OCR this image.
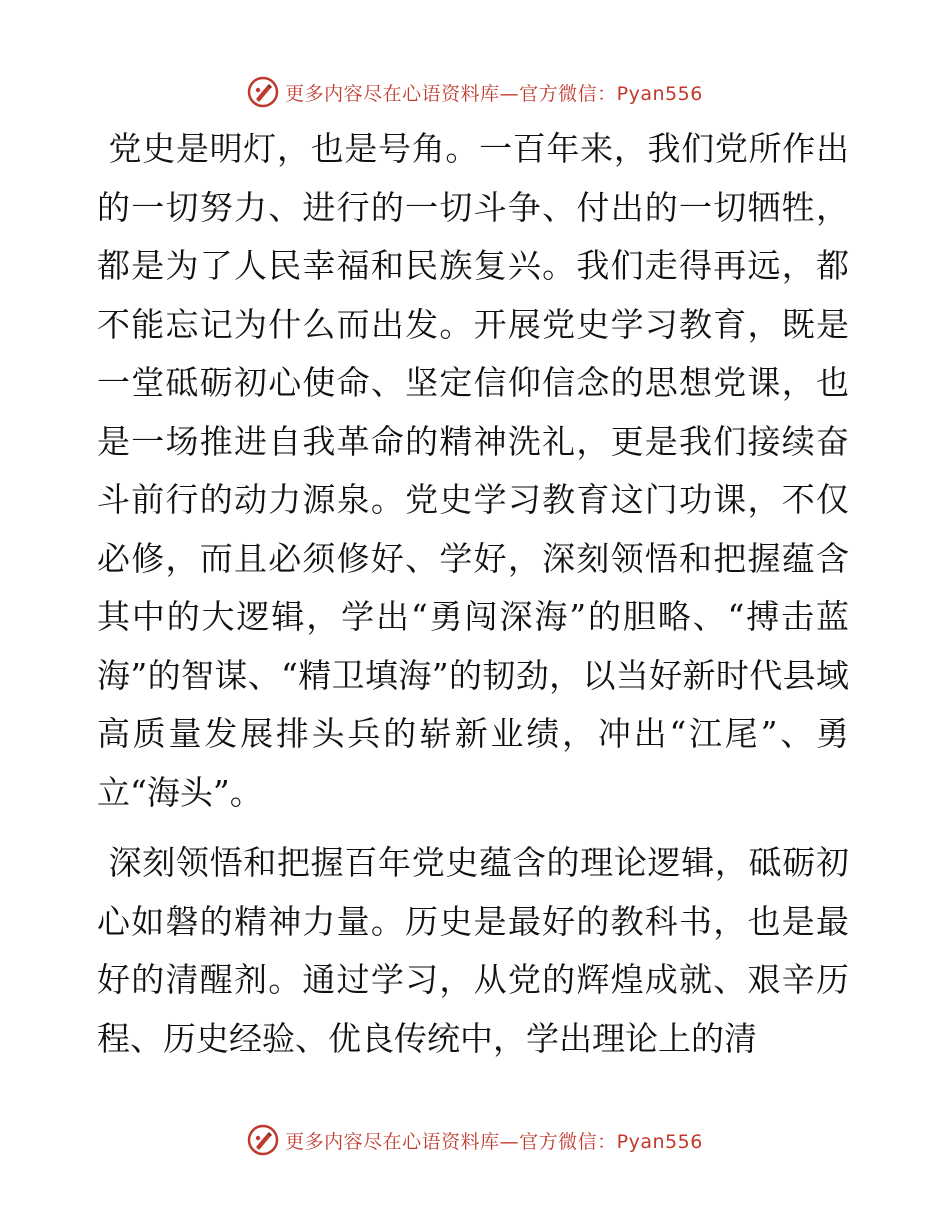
更多内容尽在心语资料库—官方微信：Pyan556

党史是明灯，也是号角。一百年来，我们党所作出的一切努力、进行的一切斗争、付出的一切牺牲，都是为了人民幸福和民族复兴。我们走得再远，都不能忘记为什么而出发。开展党史学习教育，既是一堂砥砺初心使命、坚定信仰信念的思想党课，也是一场推进自我革命的精神洗礼，更是我们接续奋斗前行的动力源泉。党史学习教育这门功课，不仅必修，而且必须修好、学好，深刻领悟和把握蕴含其中的大逻辑，学出“勇闯深海”的胆略、“搏击蓝海”的智谋、“精卫填海”的韧劲，以当好新时代县域高质量发展排头兵的崭新业绩，冲出“江尾”、勇立“海头”。

深刻领悟和把握百年党史蕴含的理论逻辑，砥砺初心如磐的精神力量。历史是最好的教科书，也是最好的清醒剂。通过学习，从党的辉煌成就、艰辛历程、历史经验、优良传统中，学出理论上的清

更多内容尽在心语资料库—官方微信：Pyan556
